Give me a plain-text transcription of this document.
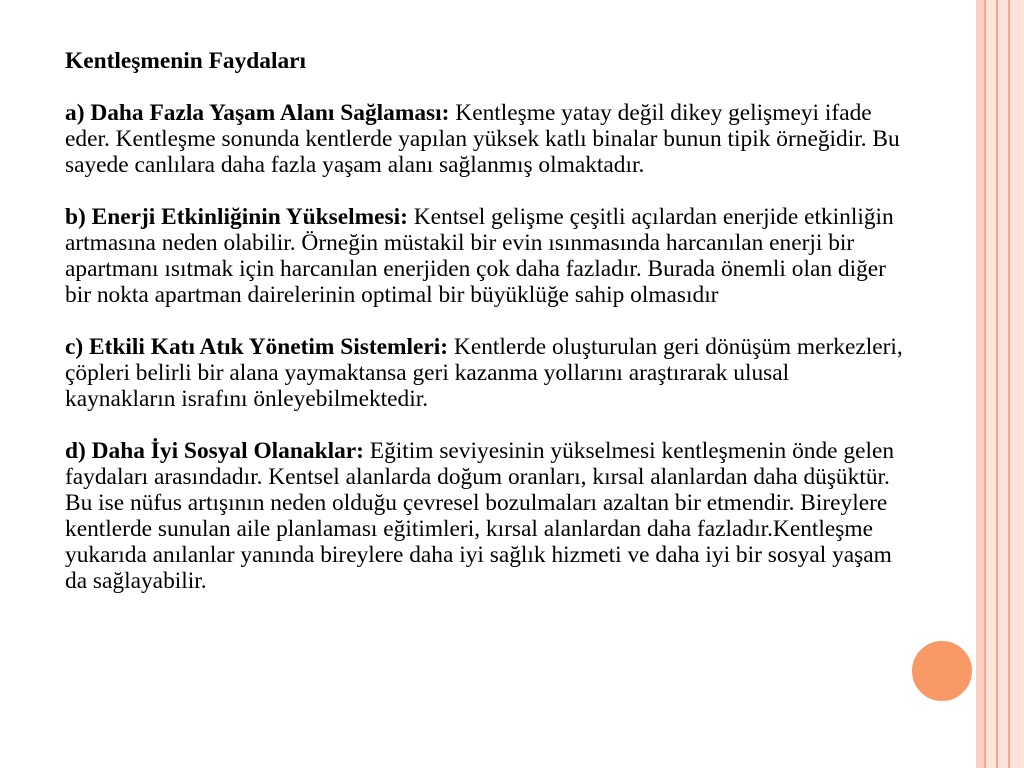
Kentleşmenin Faydaları
a) Daha Fazla Yaşam Alanı Sağlaması: Kentleşme yatay değil dikey gelişmeyi ifade eder. Kentleşme sonunda kentlerde yapılan yüksek katlı binalar bunun tipik örneğidir. Bu sayede canlılara daha fazla yaşam alanı sağlanmış olmaktadır.
b) Enerji Etkinliğinin Yükselmesi: Kentsel gelişme çeşitli açılardan enerjide etkinliğin artmasına neden olabilir. Örneğin müstakil bir evin ısınmasında harcanılan enerji bir apartmanı ısıtmak için harcanılan enerjiden çok daha fazladır. Burada önemli olan diğer bir nokta apartman dairelerinin optimal bir büyüklüğe sahip olmasıdır
c) Etkili Katı Atık Yönetim Sistemleri: Kentlerde oluşturulan geri dönüşüm merkezleri, çöpleri belirli bir alana yaymaktansa geri kazanma yollarını araştırarak ulusal kaynakların israfını önleyebilmektedir.
d) Daha İyi Sosyal Olanaklar: Eğitim seviyesinin yükselmesi kentleşmenin önde gelen faydaları arasındadır. Kentsel alanlarda doğum oranları, kırsal alanlardan daha düşüktür. Bu ise nüfus artışının neden olduğu çevresel bozulmaları azaltan bir etmendir. Bireylere kentlerde sunulan aile planlaması eğitimleri, kırsal alanlardan daha fazladır.Kentleşme yukarıda anılanlar yanında bireylere daha iyi sağlık hizmeti ve daha iyi bir sosyal yaşam da sağlayabilir.
